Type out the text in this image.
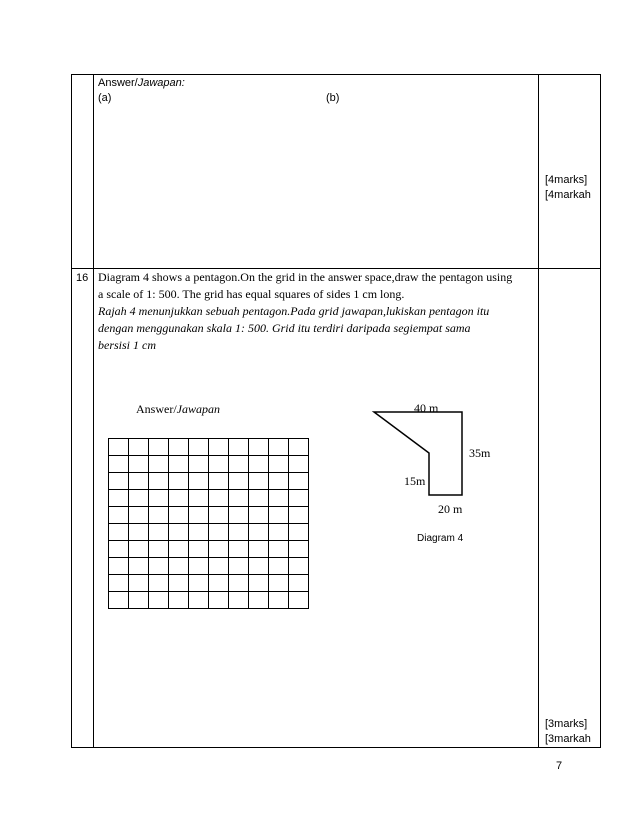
Answer/Jawapan:
(a)	(b)
[4marks]
[4markah
16 Diagram 4 shows a pentagon.On the grid in the answer space,draw the pentagon using
a scale of 1: 500. The grid has equal squares of sides 1 cm long.
Rajah 4 menunjukkan sebuah pentagon.Pada grid jawapan,lukiskan pentagon itu
dengan menggunakan skala 1: 500. Grid itu terdiri daripada segiempat sama
bersisi 1 cm
Answer/Jawapan

										40 m
35m
15m
20 m
Diagram 4
[3marks]
[3markah
7
